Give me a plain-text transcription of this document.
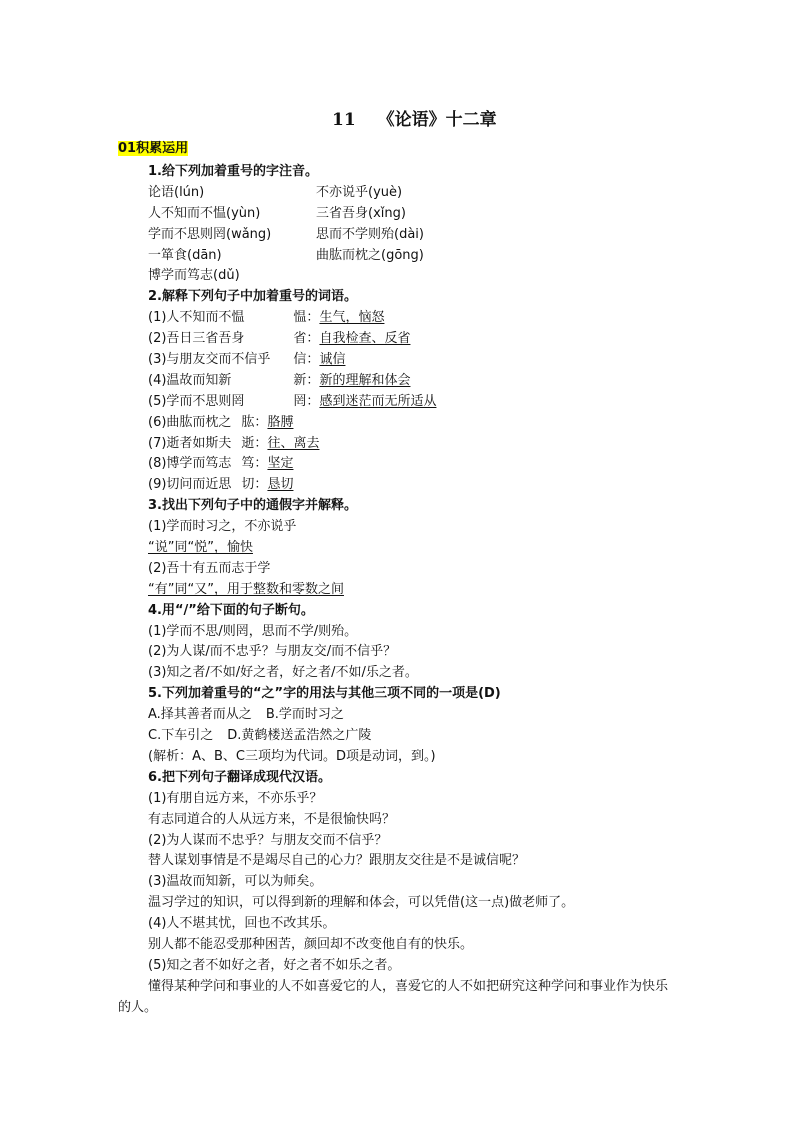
11 《论语》十二章
01积累运用
1.给下列加着重号的字注音。
论语(lún)	不亦说乎(yuè)
人不知而不愠(yùn)	三省吾身(xǐng)
学而不思则罔(wǎng)	思而不学则殆(dài)
一箪食(dān)	曲肱而枕之(gōng)
博学而笃志(dǔ)
2.解释下列句子中加着重号的词语。
(1)人不知而不愠	愠：生气，恼怒
(2)吾日三省吾身	省：自我检查、反省
(3)与朋友交而不信乎 信：诚信
(4)温故而知新	新：新的理解和体会
(5)学而不思则罔	罔：感到迷茫而无所适从
(6)曲肱而枕之 肱：胳膊
(7)逝者如斯夫 逝：往、离去
(8)博学而笃志 笃：坚定
(9)切问而近思 切：恳切
3.找出下列句子中的通假字并解释。
(1)学而时习之，不亦说乎
“说”同“悦”，愉快
(2)吾十有五而志于学
“有”同“又”，用于整数和零数之间
4.用“/”给下面的句子断句。
(1)学而不思/则罔，思而不学/则殆。
(2)为人谋/而不忠乎？与朋友交/而不信乎？
(3)知之者/不如/好之者，好之者/不如/乐之者。
5.下列加着重号的“之”字的用法与其他三项不同的一项是(D)
A.择其善者而从之 B.学而时习之
C.下车引之 D.黄鹤楼送孟浩然之广陵
(解析：A、B、C三项均为代词。D项是动词，到。)
6.把下列句子翻译成现代汉语。
(1)有朋自远方来，不亦乐乎？
有志同道合的人从远方来，不是很愉快吗？
(2)为人谋而不忠乎？与朋友交而不信乎？
替人谋划事情是不是竭尽自己的心力？跟朋友交往是不是诚信呢？
(3)温故而知新，可以为师矣。
温习学过的知识，可以得到新的理解和体会，可以凭借(这一点)做老师了。
(4)人不堪其忧，回也不改其乐。
别人都不能忍受那种困苦，颜回却不改变他自有的快乐。
(5)知之者不如好之者，好之者不如乐之者。
懂得某种学问和事业的人不如喜爱它的人，喜爱它的人不如把研究这种学问和事业作为快乐的人。
